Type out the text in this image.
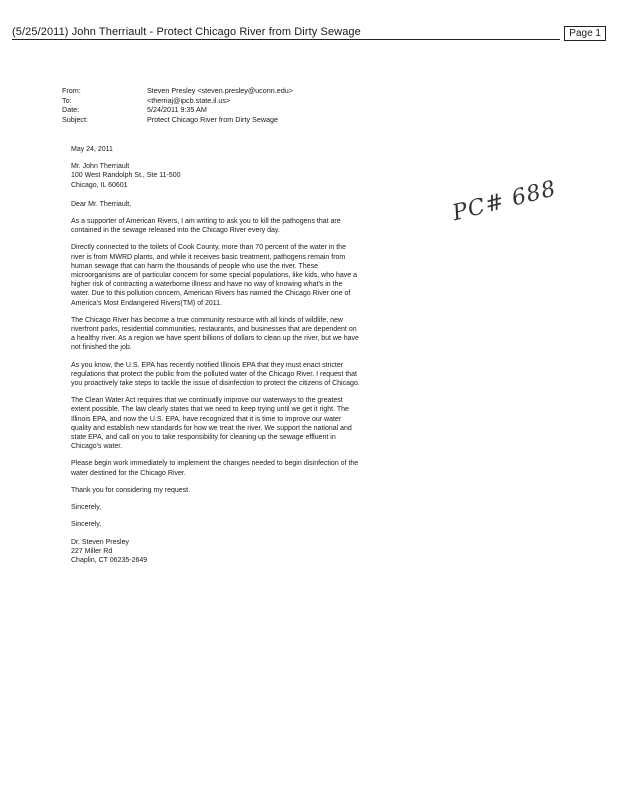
(5/25/2011) John Therriault - Protect Chicago River from Dirty Sewage	Page 1
From:	Steven Presley <steven.presley@uconn.edu>
To:	<therriaj@ipcb.state.il.us>
Date:	5/24/2011 9:35 AM
Subject:	Protect Chicago River from Dirty Sewage

May 24, 2011

Mr. John Therriault

100 West Randolph St., Ste 11-500

Chicago, IL 60601

Dear Mr. Therriault,

As a supporter of American Rivers, I am writing to ask you to kill the pathogens that are contained in the sewage released into the Chicago River every day.

Directly connected to the toilets of Cook County, more than 70 percent of the water in the river is from MWRD plants, and while it receives basic treatment, pathogens remain from human sewage that can harm the thousands of people who use the river. These microorganisms are of particular concern for some special populations, like kids, who have a higher risk of contracting a waterborne illness and have no way of knowing what's in the water. Due to this pollution concern, American Rivers has named the Chicago River one of America's Most Endangered Rivers(TM) of 2011.

The Chicago River has become a true community resource with all kinds of wildlife, new riverfront parks, residential communities, restaurants, and businesses that are dependent on a healthy river. As a region we have spent billions of dollars to clean up the river, but we have not finished the job.

As you know, the U.S. EPA has recently notified Illinois EPA that they must enact stricter regulations that protect the public from the polluted water of the Chicago River. I request that you proactively take steps to tackle the issue of disinfection to protect the citizens of Chicago.

The Clean Water Act requires that we continually improve our waterways to the greatest extent possible. The law clearly states that we need to keep trying until we get it right. The Illinois EPA, and now the U.S. EPA, have recognized that it is time to improve our water quality and establish new standards for how we treat the river. We support the national and state EPA, and call on you to take responsibility for cleaning up the sewage effluent in Chicago's water.

Please begin work immediately to implement the changes needed to begin disinfection of the water destined for the Chicago River.

Thank you for considering my request.

Sincerely,

Sincerely,

Dr. Steven Presley

227 Miller Rd

Chaplin, CT 06235-2649

PC# 688
